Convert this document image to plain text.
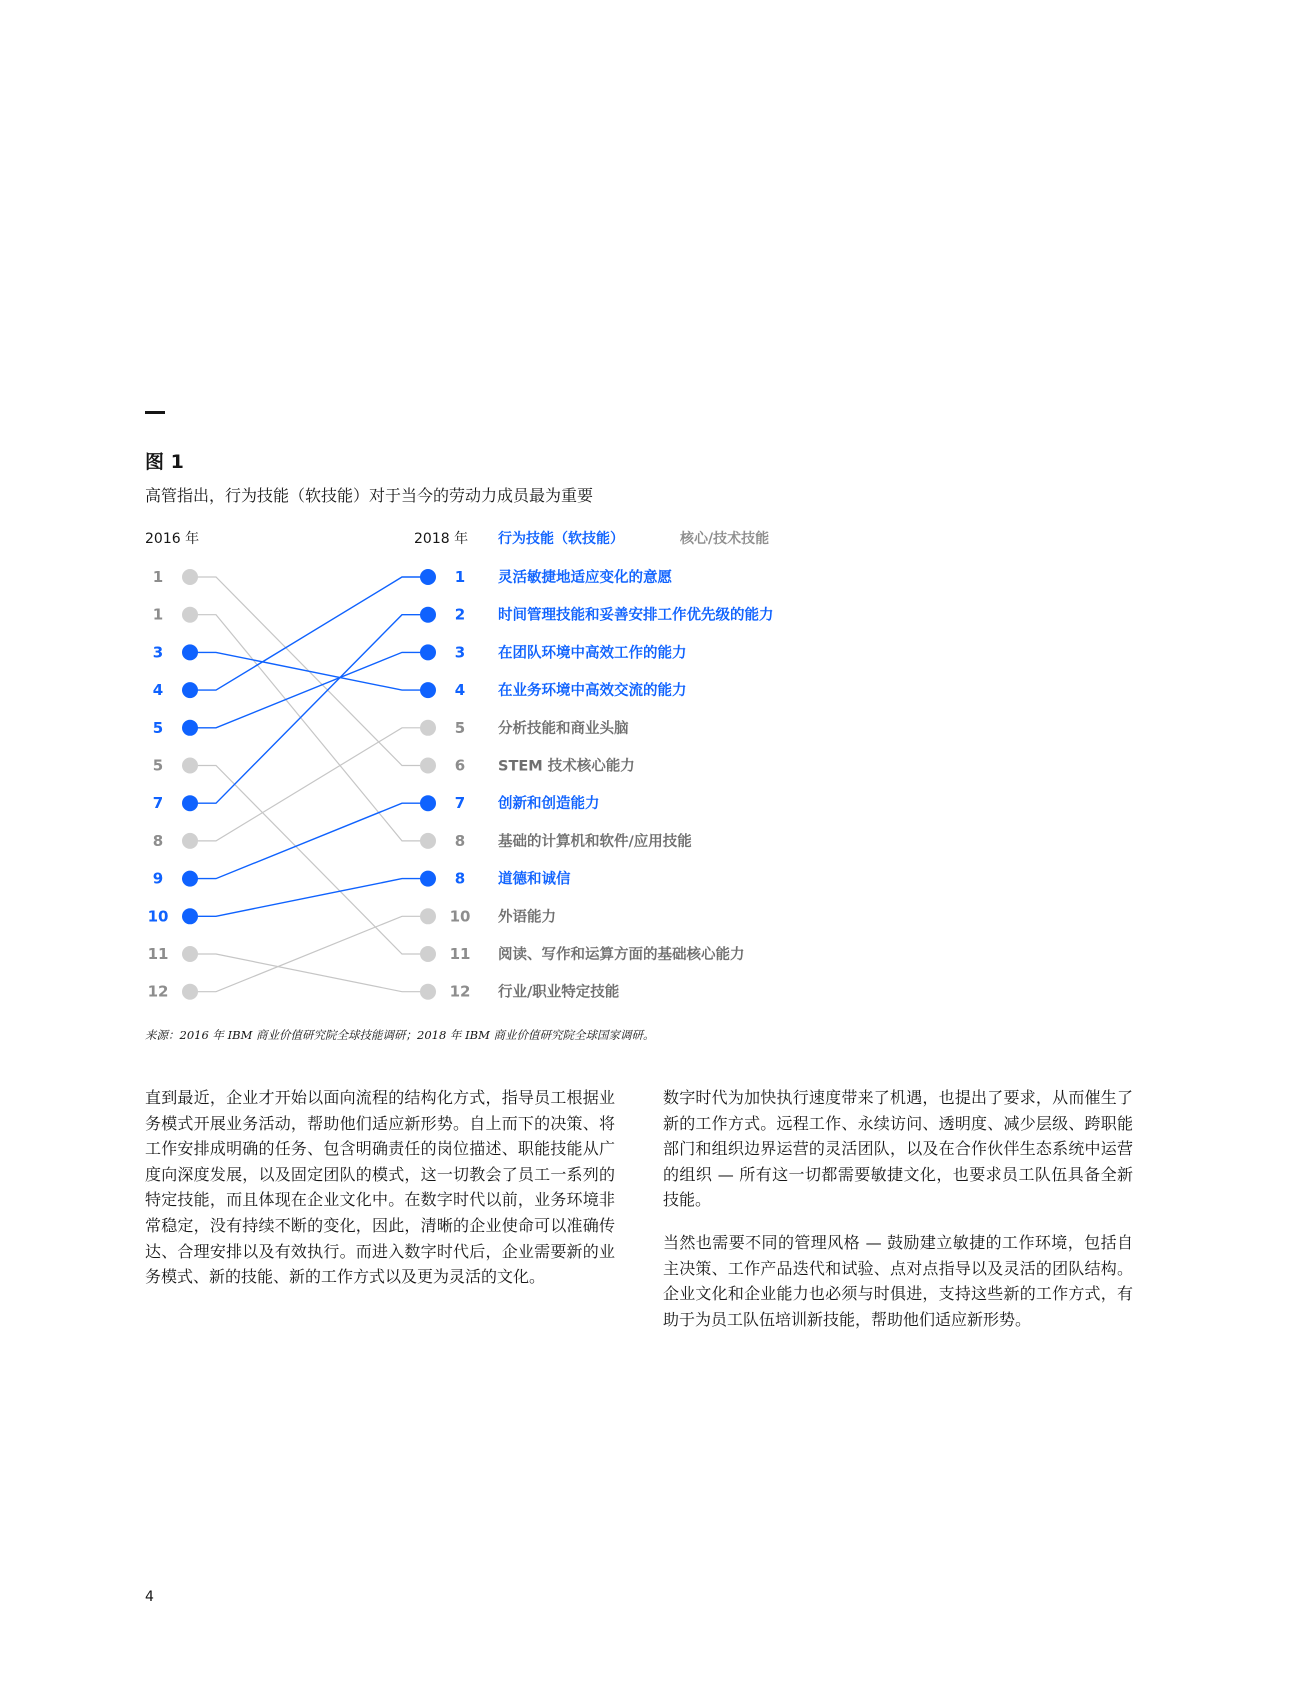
图 1
高管指出，行为技能（软技能）对于当今的劳动力成员最为重要
2016 年	2018 年 行为技能（软技能）	核心/技术技能
1
1
3
4
5
5
7
8
9
10
11
12
1 灵活敏捷地适应变化的意愿
2 时间管理技能和妥善安排工作优先级的能力
3 在团队环境中高效工作的能力
4 在业务环境中高效交流的能力
5 分析技能和商业头脑
6 STEM 技术核心能力
7 创新和创造能力
8 基础的计算机和软件/应用技能
8 道德和诚信
10 外语能力
11 阅读、写作和运算方面的基础核心能力
12 行业/职业特定技能
来源：2016 年 IBM 商业价值研究院全球技能调研；2018 年 IBM 商业价值研究院全球国家调研。

直到最近，企业才开始以面向流程的结构化方式，指导员工根据业务模式开展业务活动，帮助他们适应新形势。自上而下的决策、将工作安排成明确的任务、包含明确责任的岗位描述、职能技能从广度向深度发展，以及固定团队的模式，这一切教会了员工一系列的特定技能，而且体现在企业文化中。在数字时代以前，业务环境非常稳定，没有持续不断的变化，因此，清晰的企业使命可以准确传达、合理安排以及有效执行。而进入数字时代后，企业需要新的业务模式、新的技能、新的工作方式以及更为灵活的文化。

数字时代为加快执行速度带来了机遇，也提出了要求，从而催生了新的工作方式。远程工作、永续访问、透明度、减少层级、跨职能部门和组织边界运营的灵活团队，以及在合作伙伴生态系统中运营的组织 — 所有这一切都需要敏捷文化，也要求员工队伍具备全新技能。

当然也需要不同的管理风格 — 鼓励建立敏捷的工作环境，包括自主决策、工作产品迭代和试验、点对点指导以及灵活的团队结构。企业文化和企业能力也必须与时俱进，支持这些新的工作方式，有助于为员工队伍培训新技能，帮助他们适应新形势。

4
